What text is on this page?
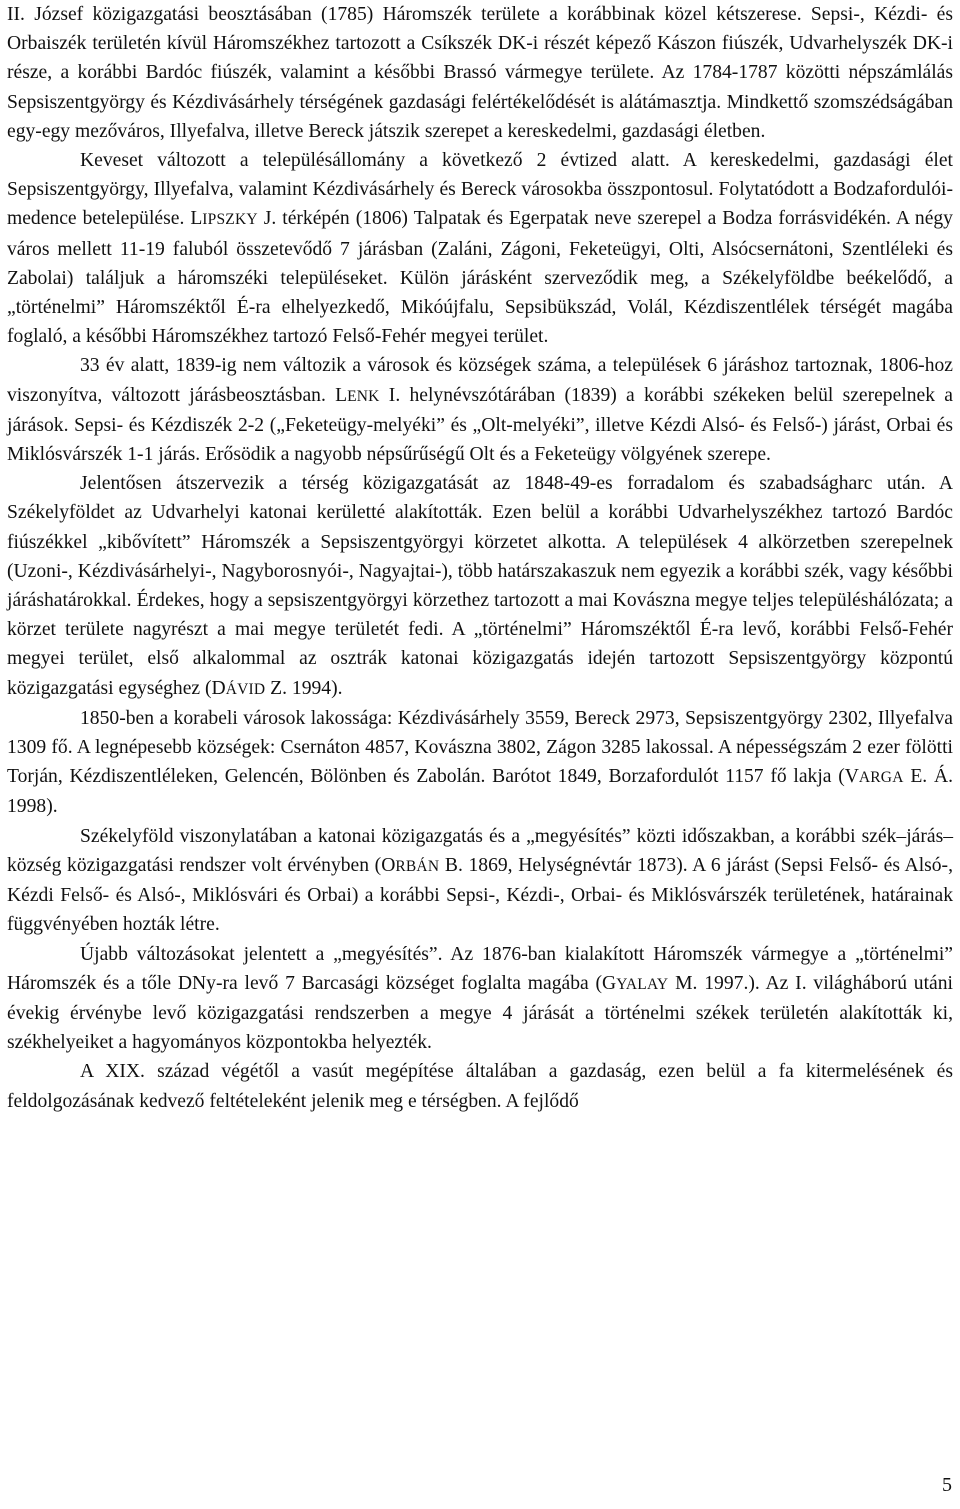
II. József közigazgatási beosztásában (1785) Háromszék területe a korábbinak közel kétszerese. Sepsi-, Kézdi- és Orbaiszék területén kívül Háromszékhez tartozott a Csíkszék DK-i részét képező Kászon fiúszék, Udvarhelyszék DK-i része, a korábbi Bardóc fiúszék, valamint a későbbi Brassó vármegye területe. Az 1784-1787 közötti népszámlálás Sepsiszentgyörgy és Kézdivásárhely térségének gazdasági felértékelődését is alátámasztja. Mindkettő szomszédságában egy-egy mezőváros, Illyefalva, illetve Bereck játszik szerepet a kereskedelmi, gazdasági életben.

Keveset változott a településállomány a következő 2 évtized alatt. A kereskedelmi, gazdasági élet Sepsiszentgyörgy, Illyefalva, valamint Kézdivásárhely és Bereck városokba összpontosul. Folytatódott a Bodzafordulói-medence betelepülése. LIPSZKY J. térképén (1806) Talpatak és Egerpatak neve szerepel a Bodza forrásvidékén. A négy város mellett 11-19 faluból összetevődő 7 járásban (Zaláni, Zágoni, Feketeügyi, Olti, Alsócsernátoni, Szentléleki és Zabolai) találjuk a háromszéki településeket. Külön járásként szerveződik meg, a Székelyföldbe beékelődő, a „történelmi” Háromszéktől É-ra elhelyezkedő, Mikóújfalu, Sepsibükszád, Volál, Kézdiszentlélek térségét magába foglaló, a későbbi Háromszékhez tartozó Felső-Fehér megyei terület.

33 év alatt, 1839-ig nem változik a városok és községek száma, a települések 6 járáshoz tartoznak, 1806-hoz viszonyítva, változott járásbeosztásban. LENK I. helynévszótárában (1839) a korábbi székeken belül szerepelnek a járások. Sepsi- és Kézdiszék 2-2 („Feketeügy-melyéki” és „Olt-melyéki”, illetve Kézdi Alsó- és Felső-) járást, Orbai és Miklósvárszék 1-1 járás. Erősödik a nagyobb népsűrűségű Olt és a Feketeügy völgyének szerepe.

Jelentősen átszervezik a térség közigazgatását az 1848-49-es forradalom és szabadságharc után. A Székelyföldet az Udvarhelyi katonai kerületté alakították. Ezen belül a korábbi Udvarhelyszékhez tartozó Bardóc fiúszékkel „kibővített” Háromszék a Sepsiszentgyörgyi körzetet alkotta. A települések 4 alkörzetben szerepelnek (Uzoni-, Kézdivásárhelyi-, Nagyborosnyói-, Nagyajtai-), több határszakaszuk nem egyezik a korábbi szék, vagy későbbi járáshatárokkal. Érdekes, hogy a sepsiszentgyörgyi körzethez tartozott a mai Kovászna megye teljes településhálózata; a körzet területe nagyrészt a mai megye területét fedi. A „történelmi” Háromszéktől É-ra levő, korábbi Felső-Fehér megyei terület, első alkalommal az osztrák katonai közigazgatás idején tartozott Sepsiszentgyörgy központú közigazgatási egységhez (DÁVID Z. 1994).

1850-ben a korabeli városok lakossága: Kézdivásárhely 3559, Bereck 2973, Sepsiszentgyörgy 2302, Illyefalva 1309 fő. A legnépesebb községek: Csernáton 4857, Kovászna 3802, Zágon 3285 lakossal. A népességszám 2 ezer fölötti Torján, Kézdiszentléleken, Gelencén, Bölönben és Zabolán. Barótot 1849, Borzafordulót 1157 fő lakja (VARGA E. Á. 1998).

Székelyföld viszonylatában a katonai közigazgatás és a „megyésítés” közti időszakban, a korábbi szék–járás–község közigazgatási rendszer volt érvényben (ORBÁN B. 1869, Helységnévtár 1873). A 6 járást (Sepsi Felső- és Alsó-, Kézdi Felső- és Alsó-, Miklósvári és Orbai) a korábbi Sepsi-, Kézdi-, Orbai- és Miklósvárszék területének, határainak függvényében hozták létre.

Újabb változásokat jelentett a „megyésítés”. Az 1876-ban kialakított Háromszék vármegye a „történelmi” Háromszék és a tőle DNy-ra levő 7 Barcasági községet foglalta magába (GYALAY M. 1997.). Az I. világháború utáni évekig érvénybe levő közigazgatási rendszerben a megye 4 járását a történelmi székek területén alakították ki, székhelyeiket a hagyományos központokba helyezték.

A XIX. század végétől a vasút megépítése általában a gazdaság, ezen belül a fa kitermelésének és feldolgozásának kedvező feltételeként jelenik meg e térségben. A fejlődő

5
